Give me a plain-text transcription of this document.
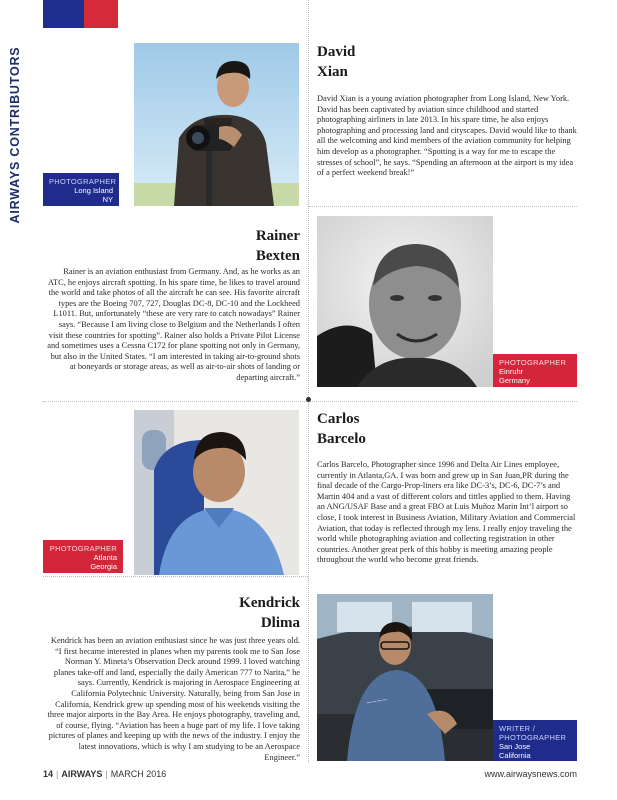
AIRWAYS CONTRIBUTORS	PHOTOGRAPHER
Long Island
NY
David
Xian

David Xian is a young aviation photographer from Long Island, New York. David has been captivated by aviation since childhood and started photographing airliners in late 2013. In his spare time, he also enjoys photographing and processing land and cityscapes. David would like to thank all the welcoming and kind members of the aviation community for helping him develop as a photographer. “Spotting is a way for me to escape the stresses of school”, he says. “Spending an afternoon at the airport is my idea of a perfect weekend break!”

Rainer
Bexten

Rainer is an aviation enthusiast from Germany. And, as he works as an ATC, he enjoys aircraft spotting. In his spare time, he likes to travel around the world and take photos of all the aircraft he can see. His favorite aircraft types are the Boeing 707, 727, Douglas DC-8, DC-10 and the Lockheed L1011. But, unfortunately “these are very rare to catch nowadays” Rainer says. “Because I am living close to Belgium and the Netherlands I often visit these countries for spotting”. Rainer also holds a Private Pilot License and sometimes uses a Cessna C172 for plane spotting not only in Germany, but also in the United States. “I am interested in taking air-to-ground shots at boneyards or storage areas, as well as air-to-air shots of landing or departing aircraft.”

PHOTOGRAPHER
Einruhr
Germany
PHOTOGRAPHER
Atlanta
Georgia
Carlos
Barcelo

Carlos Barcelo, Photographer since 1996 and Delta Air Lines employee, currently in Atlanta,GA. I was born and grew up in San Juan,PR during the final decade of the Cargo-Prop-liners era like DC-3’s, DC-6, DC-7’s and Martin 404 and a vast of different colors and tittles applied to them. Having an ANG/USAF Base and a great FBO at Luis Muñoz Marin Int’l airport so close, I took interest in Business Aviation, Military Aviation and Commercial Aviation, that today is reflected through my lens. I really enjoy traveling the world while photographing aviation and collecting registration in other countries. Another great perk of this hobby is meeting amazing people throughout the world who become great friends.

Kendrick
Dlima

Kendrick has been an aviation enthusiast since he was just three years old. “I first became interested in planes when my parents took me to San Jose Norman Y. Mineta’s Observation Deck around 1999. I loved watching planes take-off and land, especially the daily American 777 to Narita,” he says. Currently, Kendrick is majoring in Aerospace Engineering at California Polytechnic University. Naturally, being from San Jose in California, Kendrick grew up spending most of his weekends visiting the three major airports in the Bay Area. He enjoys photography, traveling and, of course, flying. “Aviation has been a huge part of my life. I love taking pictures of planes and keeping up with the news of the industry. I enjoy the latest innovations, which is why I am studying to be an Aerospace Engineer.”

~~~~
WRITER /
PHOTOGRAPHER
San Jose
California
14 | AIRWAYS | MARCH 2016	www.airwaysnews.com
